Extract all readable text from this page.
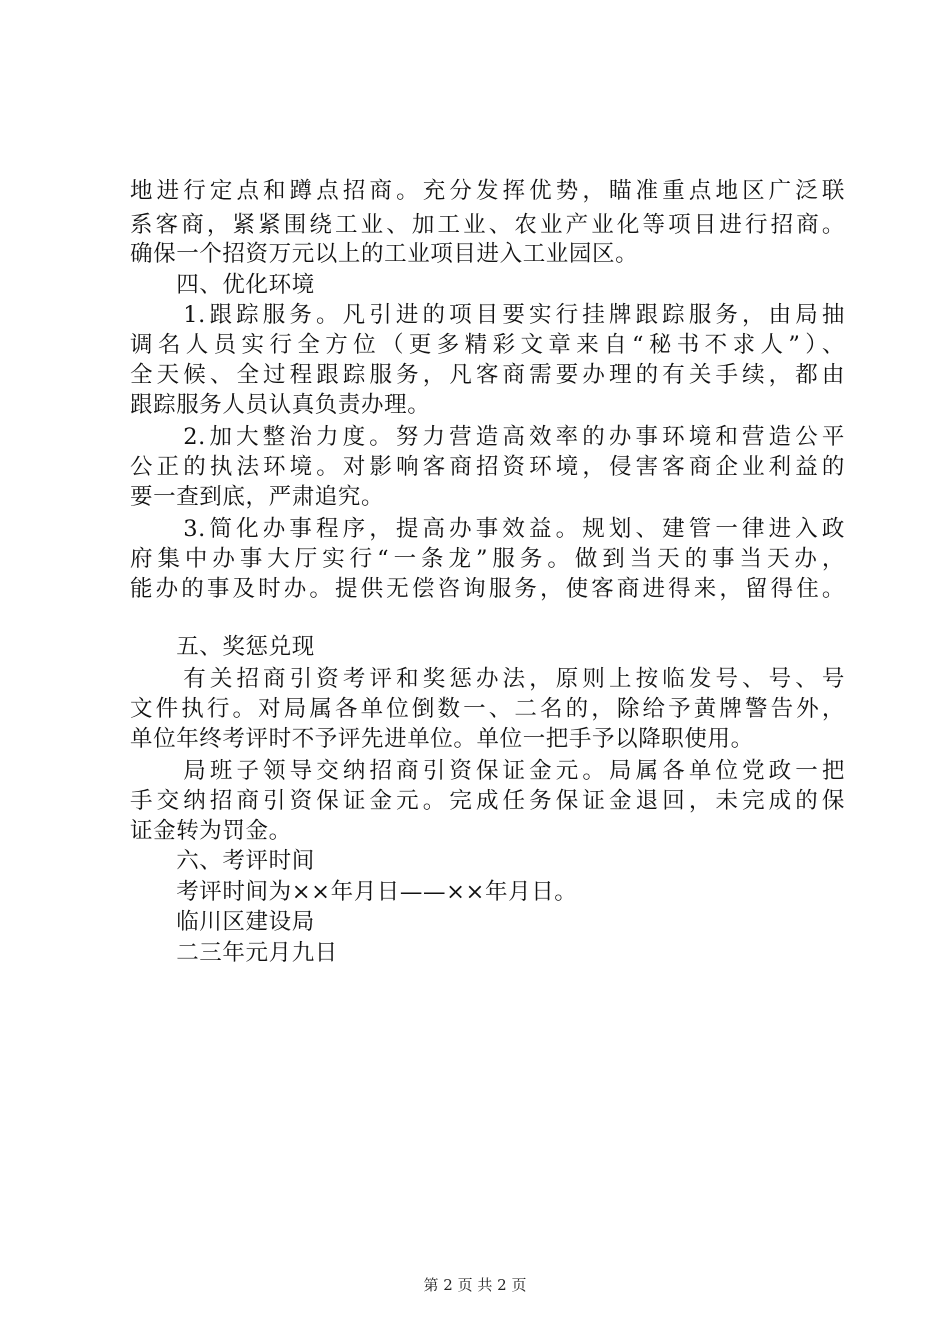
地进行定点和蹲点招商。充分发挥优势，瞄准重点地区广泛联
系客商，紧紧围绕工业、加工业、农业产业化等项目进行招商。
确保一个招资万元以上的工业项目进入工业园区。
　　四、优化环境
　　1.跟踪服务。凡引进的项目要实行挂牌跟踪服务，由局抽
调名人员实行全方位（更多精彩文章来自“秘书不求人”）、
全天候、全过程跟踪服务，凡客商需要办理的有关手续，都由
跟踪服务人员认真负责办理。
　　2.加大整治力度。努力营造高效率的办事环境和营造公平
公正的执法环境。对影响客商招资环境，侵害客商企业利益的
要一查到底，严肃追究。
　　3.简化办事程序，提高办事效益。规划、建管一律进入政
府集中办事大厅实行“一条龙”服务。做到当天的事当天办，
能办的事及时办。提供无偿咨询服务，使客商进得来，留得住。
　　五、奖惩兑现
　　有关招商引资考评和奖惩办法，原则上按临发号、号、号
文件执行。对局属各单位倒数一、二名的，除给予黄牌警告外，
单位年终考评时不予评先进单位。单位一把手予以降职使用。
　　局班子领导交纳招商引资保证金元。局属各单位党政一把
手交纳招商引资保证金元。完成任务保证金退回，未完成的保
证金转为罚金。
　　六、考评时间
　　考评时间为××年月日——××年月日。
　　临川区建设局
　　二三年元月九日
第 2 页 共 2 页
